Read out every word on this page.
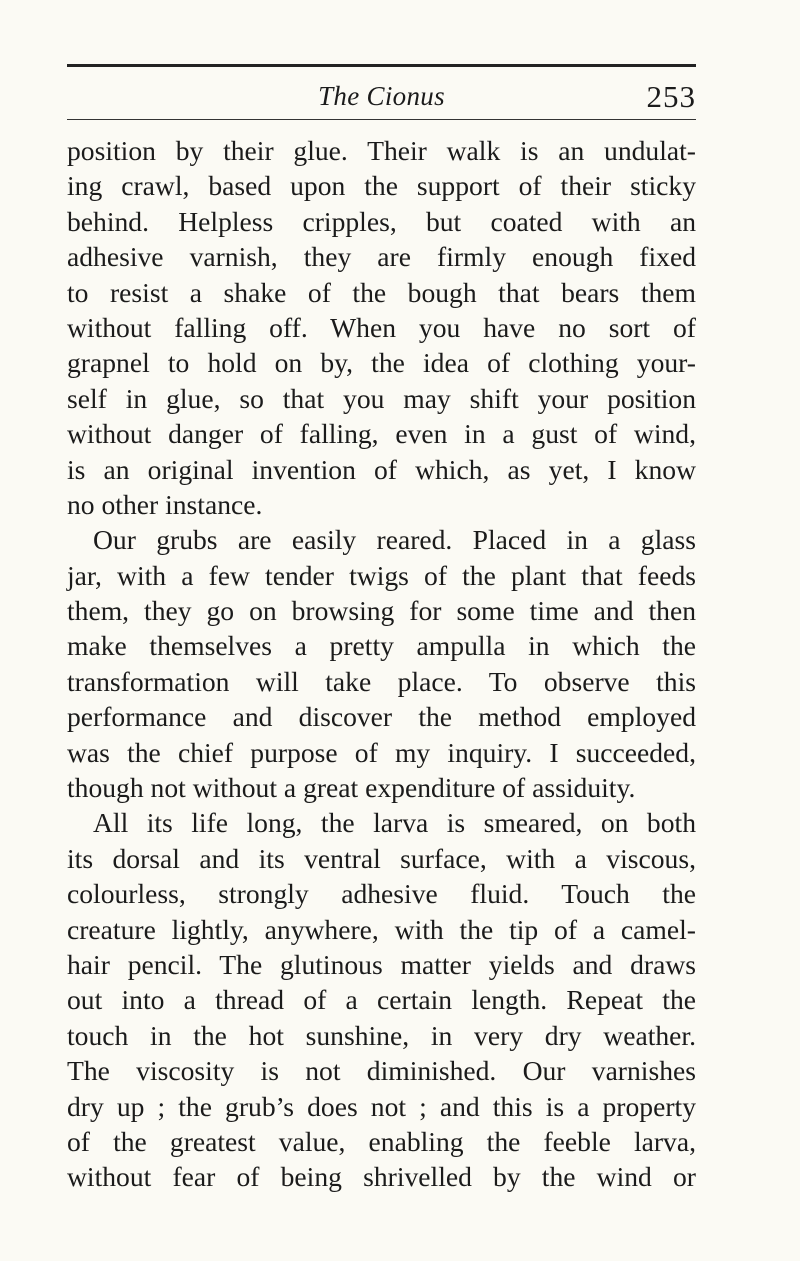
The Cionus	253
position by their glue. Their walk is an undulat-
ing crawl, based upon the support of their sticky
behind. Helpless cripples, but coated with an
adhesive varnish, they are firmly enough fixed
to resist a shake of the bough that bears them
without falling off. When you have no sort of
grapnel to hold on by, the idea of clothing your-
self in glue, so that you may shift your position
without danger of falling, even in a gust of wind,
is an original invention of which, as yet, I know
no other instance.
Our grubs are easily reared. Placed in a glass
jar, with a few tender twigs of the plant that feeds
them, they go on browsing for some time and then
make themselves a pretty ampulla in which the
transformation will take place. To observe this
performance and discover the method employed
was the chief purpose of my inquiry. I succeeded,
though not without a great expenditure of assiduity.
All its life long, the larva is smeared, on both
its dorsal and its ventral surface, with a viscous,
colourless, strongly adhesive fluid. Touch the
creature lightly, anywhere, with the tip of a camel-
hair pencil. The glutinous matter yields and draws
out into a thread of a certain length. Repeat the
touch in the hot sunshine, in very dry weather.
The viscosity is not diminished. Our varnishes
dry up ; the grub’s does not ; and this is a property
of the greatest value, enabling the feeble larva,
without fear of being shrivelled by the wind or
